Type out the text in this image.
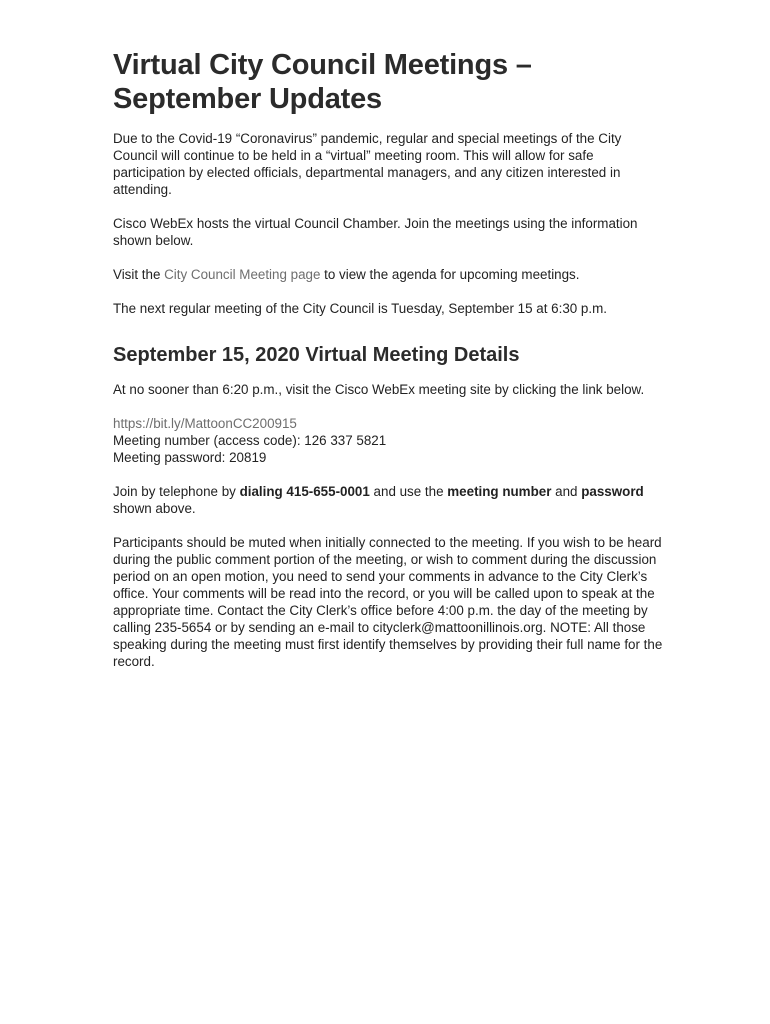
Virtual City Council Meetings – September Updates

Due to the Covid-19 “Coronavirus” pandemic, regular and special meetings of the City Council will continue to be held in a “virtual” meeting room. This will allow for safe participation by elected officials, departmental managers, and any citizen interested in attending.

Cisco WebEx hosts the virtual Council Chamber. Join the meetings using the information shown below.

Visit the City Council Meeting page to view the agenda for upcoming meetings.

The next regular meeting of the City Council is Tuesday, September 15 at 6:30 p.m.

September 15, 2020 Virtual Meeting Details

At no sooner than 6:20 p.m., visit the Cisco WebEx meeting site by clicking the link below.

https://bit.ly/MattoonCC200915
Meeting number (access code): 126 337 5821
Meeting password: 20819

Join by telephone by dialing 415-655-0001 and use the meeting number and password shown above.

Participants should be muted when initially connected to the meeting. If you wish to be heard during the public comment portion of the meeting, or wish to comment during the discussion period on an open motion, you need to send your comments in advance to the City Clerk’s office. Your comments will be read into the record, or you will be called upon to speak at the appropriate time. Contact the City Clerk’s office before 4:00 p.m. the day of the meeting by calling 235-5654 or by sending an e-mail to cityclerk@mattoonillinois.org. NOTE: All those speaking during the meeting must first identify themselves by providing their full name for the record.
